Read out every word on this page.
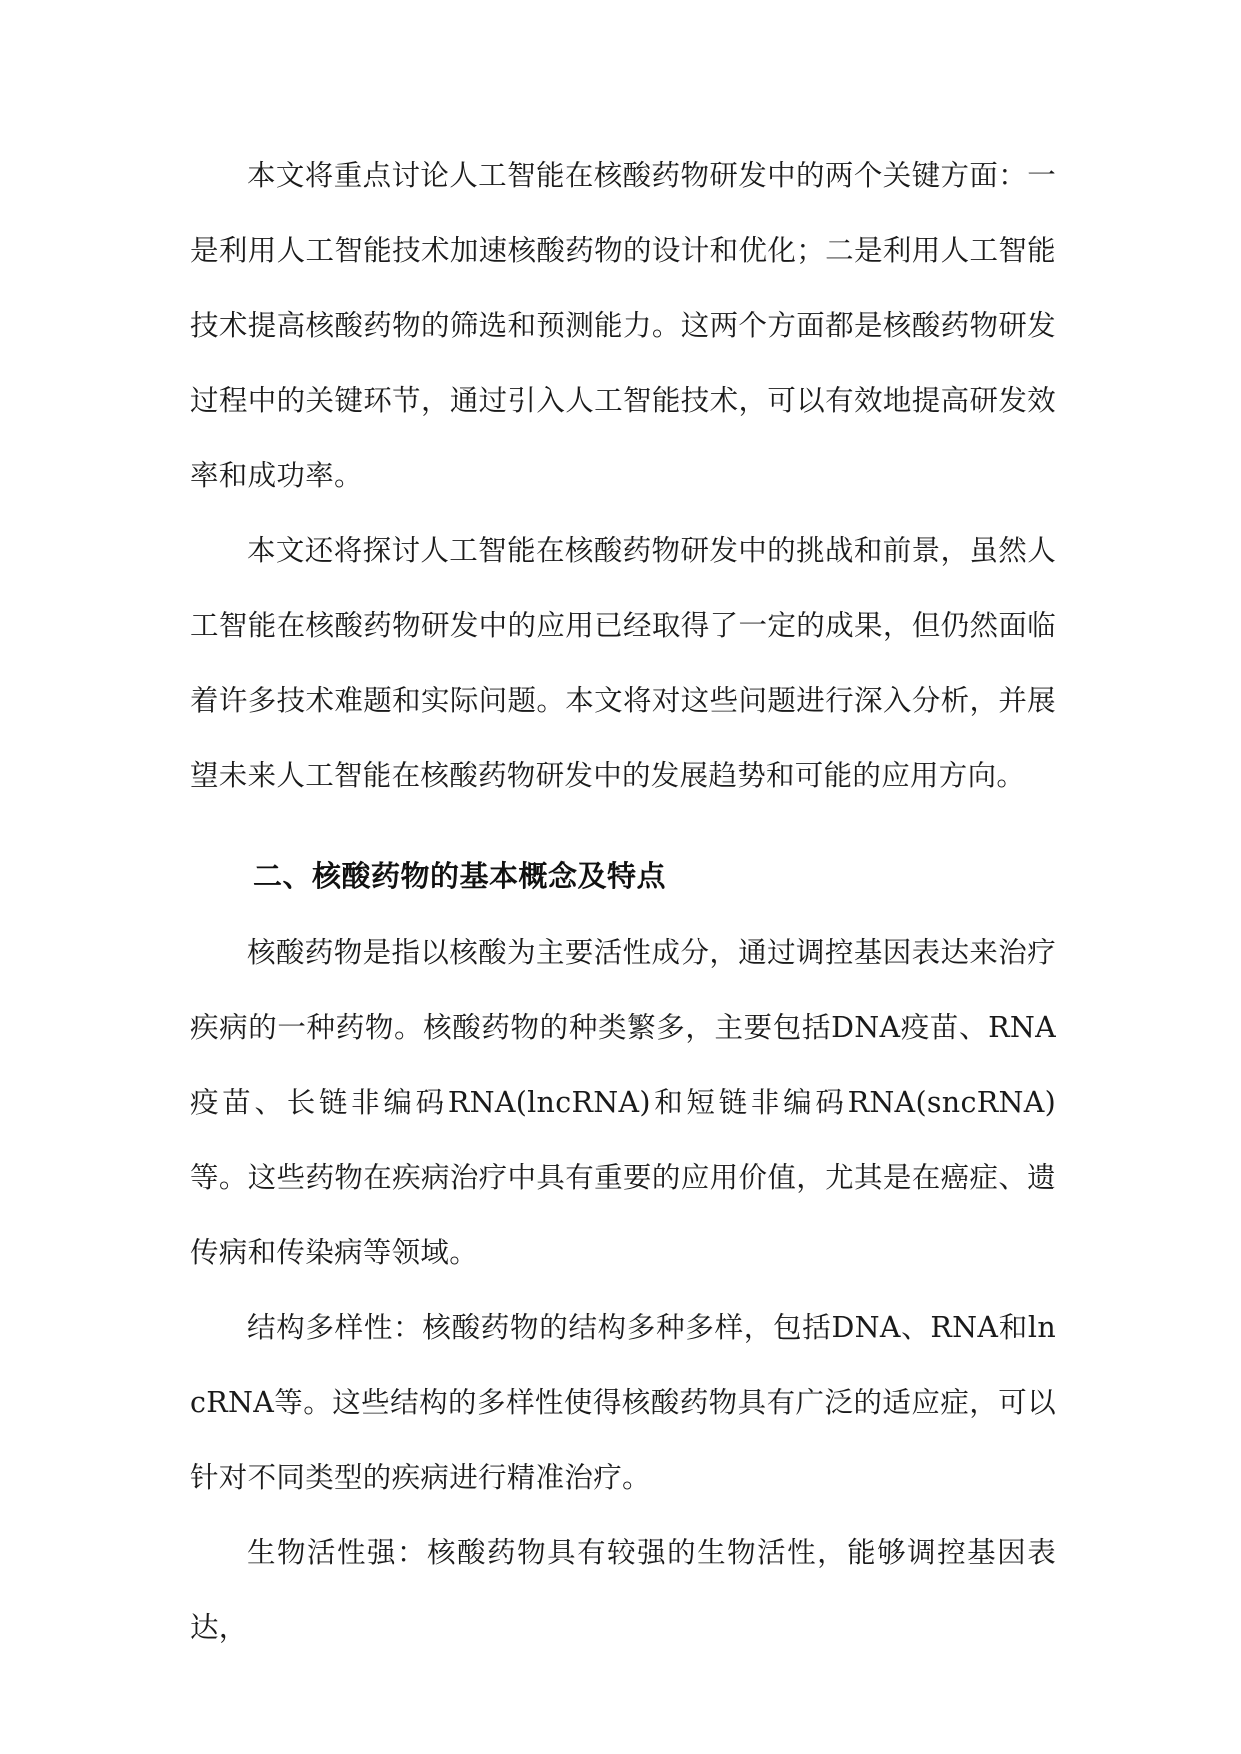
本文将重点讨论人工智能在核酸药物研发中的两个关键方面：一是利用人工智能技术加速核酸药物的设计和优化；二是利用人工智能技术提高核酸药物的筛选和预测能力。这两个方面都是核酸药物研发过程中的关键环节，通过引入人工智能技术，可以有效地提高研发效率和成功率。

本文还将探讨人工智能在核酸药物研发中的挑战和前景，虽然人工智能在核酸药物研发中的应用已经取得了一定的成果，但仍然面临着许多技术难题和实际问题。本文将对这些问题进行深入分析，并展望未来人工智能在核酸药物研发中的发展趋势和可能的应用方向。

二、核酸药物的基本概念及特点

核酸药物是指以核酸为主要活性成分，通过调控基因表达来治疗疾病的一种药物。核酸药物的种类繁多，主要包括DNA疫苗、RNA疫苗、长链非编码RNA(lncRNA)和短链非编码RNA(sncRNA)等。这些药物在疾病治疗中具有重要的应用价值，尤其是在癌症、遗传病和传染病等领域。

结构多样性：核酸药物的结构多种多样，包括DNA、RNA和lncRNA等。这些结构的多样性使得核酸药物具有广泛的适应症，可以针对不同类型的疾病进行精准治疗。

生物活性强：核酸药物具有较强的生物活性，能够调控基因表达，
